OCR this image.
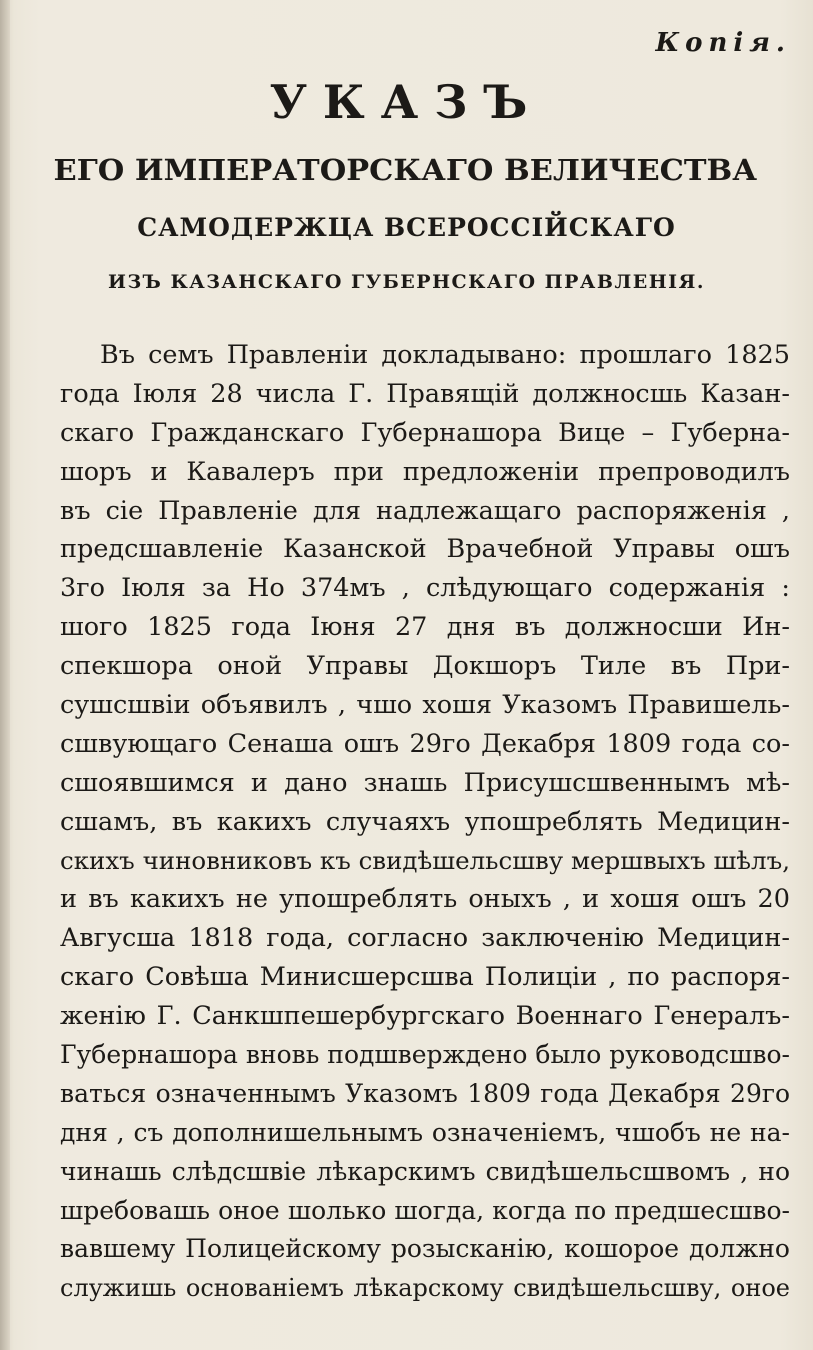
Копія.
УКАЗЪ
ЕГО ИМПЕРАТОРСКАГО ВЕЛИЧЕСТВА
САМОДЕРЖЦА ВСЕРОССІЙСКАГО
ИЗЪ КАЗАНСКАГО ГУБЕРНСКАГО ПРАВЛЕНІЯ.
Въ семъ Правленіи докладывано: прошлаго 1825
года Іюля 28 числа Г. Правящій должносшь Казан-
скаго Гражданскаго Губернашора Вице – Губерна-
шоръ и Кавалеръ при предложеніи препроводилъ
въ сіе Правленіе для надлежащаго распоряженія ,
предсшавленіе Казанской Врачебной Управы ошъ
3го Іюля за Но 374мъ , слѣдующаго содержанія :
шого 1825 года Іюня 27 дня въ должносши Ин-
спекшора оной Управы Докшоръ Тиле въ При-
сушсшвіи объявилъ , чшо хошя Указомъ Правишель-
сшвующаго Сенаша ошъ 29го Декабря 1809 года со-
сшоявшимся и дано знашь Присушсшвеннымъ мѣ-
сшамъ, въ какихъ случаяхъ упошреблять Медицин-
скихъ чиновниковъ къ свидѣшельсшву мершвыхъ шѣлъ,
и въ какихъ не упошреблять оныхъ , и хошя ошъ 20
Авгусша 1818 года, согласно заключенію Медицин-
скаго Совѣша Минисшерсшва Полиціи , по распоря-
женію Г. Санкшпешербургскаго Военнаго Генералъ-
Губернашора вновь подшверждено было руководсшво-
ваться означеннымъ Указомъ 1809 года Декабря 29го
дня , съ дополнишельнымъ означеніемъ, чшобъ не на-
чинашь слѣдсшвіе лѣкарскимъ свидѣшельсшвомъ , но
шребовашь оное шолько шогда, когда по предшесшво-
вавшему Полицейскому розысканію, кошорое должно
служишь основаніемъ лѣкарскому свидѣшельсшву, оное
